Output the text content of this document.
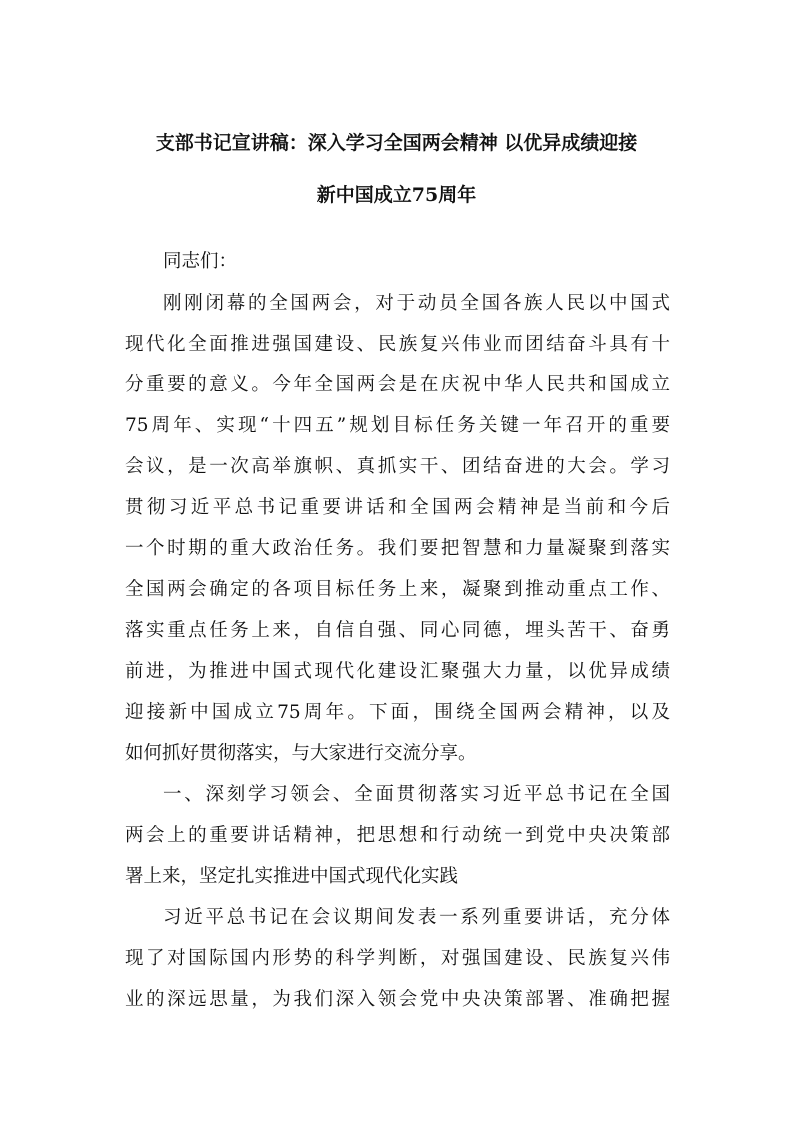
支部书记宣讲稿：深入学习全国两会精神 以优异成绩迎接
新中国成立75周年
同志们：
刚刚闭幕的全国两会，对于动员全国各族人民以中国式
现代化全面推进强国建设、民族复兴伟业而团结奋斗具有十
分重要的意义。今年全国两会是在庆祝中华人民共和国成立
75周年、实现“十四五”规划目标任务关键一年召开的重要
会议，是一次高举旗帜、真抓实干、团结奋进的大会。学习
贯彻习近平总书记重要讲话和全国两会精神是当前和今后
一个时期的重大政治任务。我们要把智慧和力量凝聚到落实
全国两会确定的各项目标任务上来，凝聚到推动重点工作、
落实重点任务上来，自信自强、同心同德，埋头苦干、奋勇
前进，为推进中国式现代化建设汇聚强大力量，以优异成绩
迎接新中国成立75周年。下面，围绕全国两会精神，以及
如何抓好贯彻落实，与大家进行交流分享。
一、深刻学习领会、全面贯彻落实习近平总书记在全国
两会上的重要讲话精神，把思想和行动统一到党中央决策部
署上来，坚定扎实推进中国式现代化实践
习近平总书记在会议期间发表一系列重要讲话，充分体
现了对国际国内形势的科学判断，对强国建设、民族复兴伟
业的深远思量，为我们深入领会党中央决策部署、准确把握
